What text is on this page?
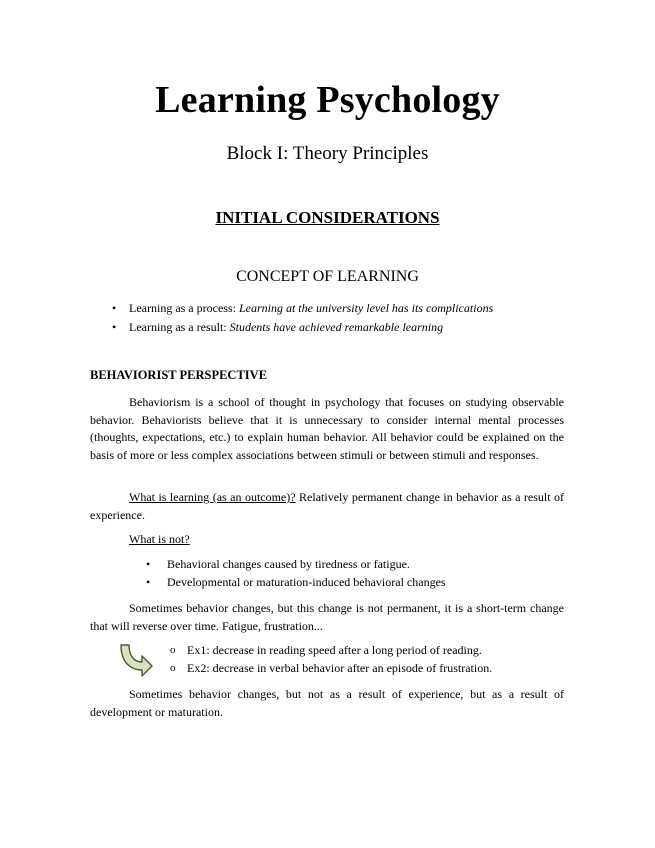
Learning Psychology
Block I: Theory Principles
INITIAL CONSIDERATIONS
CONCEPT OF LEARNING
• Learning as a process: Learning at the university level has its complications
• Learning as a result: Students have achieved remarkable learning
BEHAVIORIST PERSPECTIVE

Behaviorism is a school of thought in psychology that focuses on studying observable behavior. Behaviorists believe that it is unnecessary to consider internal mental processes (thoughts, expectations, etc.) to explain human behavior. All behavior could be explained on the basis of more or less complex associations between stimuli or between stimuli and responses.

What is learning (as an outcome)? Relatively permanent change in behavior as a result of experience.

What is not?

• Behavioral changes caused by tiredness or fatigue.
• Developmental or maturation-induced behavioral changes

Sometimes behavior changes, but this change is not permanent, it is a short-term change that will reverse over time. Fatigue, frustration...

o Ex1: decrease in reading speed after a long period of reading.
o Ex2: decrease in verbal behavior after an episode of frustration.

Sometimes behavior changes, but not as a result of experience, but as a result of development or maturation.
